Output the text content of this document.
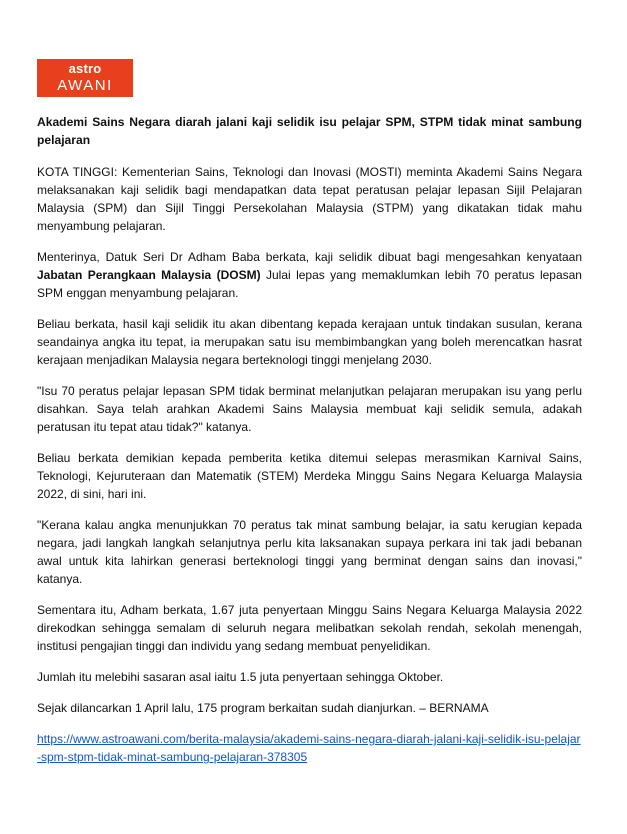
astro
AWANI
Akademi Sains Negara diarah jalani kaji selidik isu pelajar SPM, STPM tidak minat sambung pelajaran

KOTA TINGGI: Kementerian Sains, Teknologi dan Inovasi (MOSTI) meminta Akademi Sains Negara melaksanakan kaji selidik bagi mendapatkan data tepat peratusan pelajar lepasan Sijil Pelajaran Malaysia (SPM) dan Sijil Tinggi Persekolahan Malaysia (STPM) yang dikatakan tidak mahu menyambung pelajaran.

Menterinya, Datuk Seri Dr Adham Baba berkata, kaji selidik dibuat bagi mengesahkan kenyataan Jabatan Perangkaan Malaysia (DOSM) Julai lepas yang memaklumkan lebih 70 peratus lepasan SPM enggan menyambung pelajaran.

Beliau berkata, hasil kaji selidik itu akan dibentang kepada kerajaan untuk tindakan susulan, kerana seandainya angka itu tepat, ia merupakan satu isu membimbangkan yang boleh merencatkan hasrat kerajaan menjadikan Malaysia negara berteknologi tinggi menjelang 2030.

"Isu 70 peratus pelajar lepasan SPM tidak berminat melanjutkan pelajaran merupakan isu yang perlu disahkan. Saya telah arahkan Akademi Sains Malaysia membuat kaji selidik semula, adakah peratusan itu tepat atau tidak?" katanya.

Beliau berkata demikian kepada pemberita ketika ditemui selepas merasmikan Karnival Sains, Teknologi, Kejuruteraan dan Matematik (STEM) Merdeka Minggu Sains Negara Keluarga Malaysia 2022, di sini, hari ini.

"Kerana kalau angka menunjukkan 70 peratus tak minat sambung belajar, ia satu kerugian kepada negara, jadi langkah langkah selanjutnya perlu kita laksanakan supaya perkara ini tak jadi bebanan awal untuk kita lahirkan generasi berteknologi tinggi yang berminat dengan sains dan inovasi," katanya.

Sementara itu, Adham berkata, 1.67 juta penyertaan Minggu Sains Negara Keluarga Malaysia 2022 direkodkan sehingga semalam di seluruh negara melibatkan sekolah rendah, sekolah menengah, institusi pengajian tinggi dan individu yang sedang membuat penyelidikan.

Jumlah itu melebihi sasaran asal iaitu 1.5 juta penyertaan sehingga Oktober.

Sejak dilancarkan 1 April lalu, 175 program berkaitan sudah dianjurkan. – BERNAMA

https://www.astroawani.com/berita-malaysia/akademi-sains-negara-diarah-jalani-kaji-selidik-isu-pelajar-spm-stpm-tidak-minat-sambung-pelajaran-378305
